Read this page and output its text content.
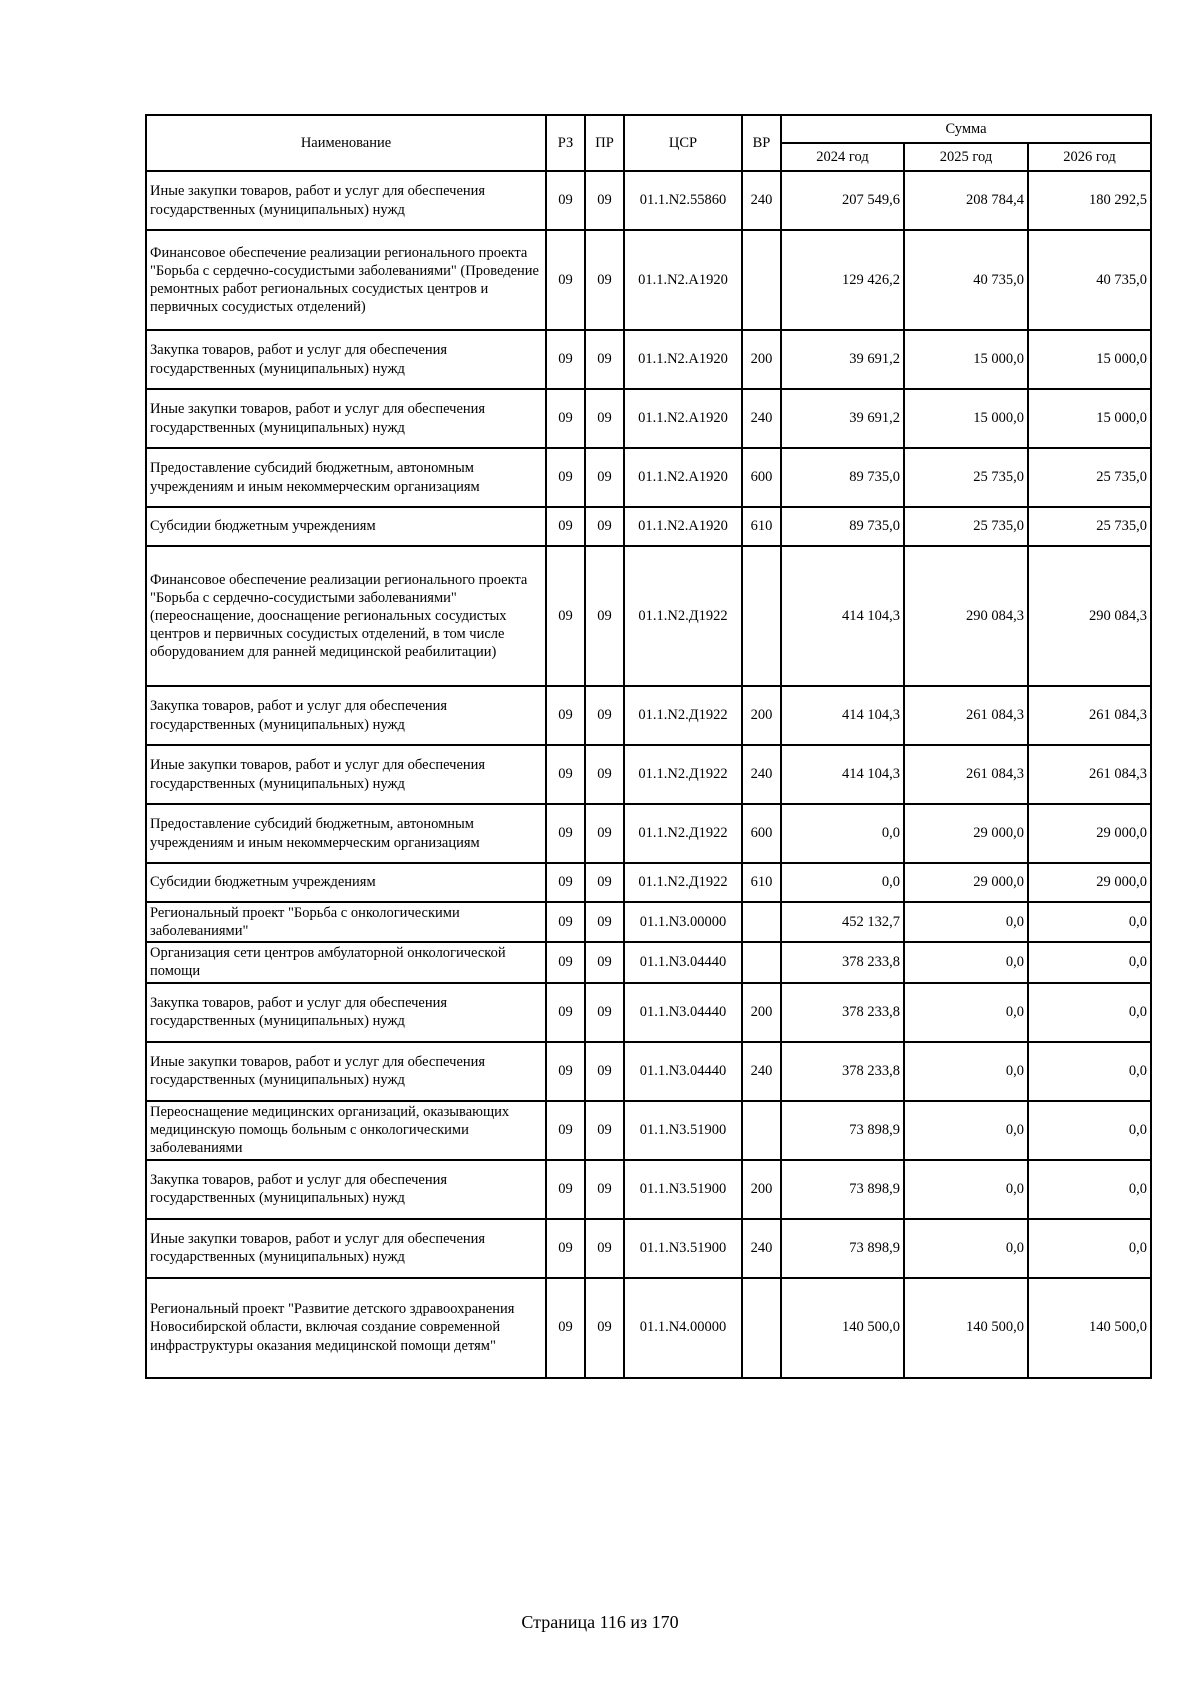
Наименование	РЗ	ПР	ЦСР	ВР	Сумма		
					2024 год	2025 год	2026 год
Иные закупки товаров, работ и услуг для обеспечения государственных (муниципальных) нужд	09	09	01.1.N2.55860	240	207 549,6	208 784,4	180 292,5
Финансовое обеспечение реализации регионального проекта "Борьба с сердечно-сосудистыми заболеваниями" (Проведение ремонтных работ региональных сосудистых центров и первичных сосудистых отделений)	09	09	01.1.N2.А1920		129 426,2	40 735,0	40 735,0
Закупка товаров, работ и услуг для обеспечения государственных (муниципальных) нужд	09	09	01.1.N2.А1920	200	39 691,2	15 000,0	15 000,0
Иные закупки товаров, работ и услуг для обеспечения государственных (муниципальных) нужд	09	09	01.1.N2.А1920	240	39 691,2	15 000,0	15 000,0
Предоставление субсидий бюджетным, автономным учреждениям и иным некоммерческим организациям	09	09	01.1.N2.А1920	600	89 735,0	25 735,0	25 735,0
Субсидии бюджетным учреждениям	09	09	01.1.N2.А1920	610	89 735,0	25 735,0	25 735,0
Финансовое обеспечение реализации регионального проекта "Борьба с сердечно-сосудистыми заболеваниями" (переоснащение, дооснащение региональных сосудистых центров и первичных сосудистых отделений, в том числе оборудованием для ранней медицинской реабилитации)	09	09	01.1.N2.Д1922		414 104,3	290 084,3	290 084,3
Закупка товаров, работ и услуг для обеспечения государственных (муниципальных) нужд	09	09	01.1.N2.Д1922	200	414 104,3	261 084,3	261 084,3
Иные закупки товаров, работ и услуг для обеспечения государственных (муниципальных) нужд	09	09	01.1.N2.Д1922	240	414 104,3	261 084,3	261 084,3
Предоставление субсидий бюджетным, автономным учреждениям и иным некоммерческим организациям	09	09	01.1.N2.Д1922	600	0,0	29 000,0	29 000,0
Субсидии бюджетным учреждениям	09	09	01.1.N2.Д1922	610	0,0	29 000,0	29 000,0
Региональный проект "Борьба с онкологическими заболеваниями"	09	09	01.1.N3.00000		452 132,7	0,0	0,0
Организация сети центров амбулаторной онкологической помощи	09	09	01.1.N3.04440		378 233,8	0,0	0,0
Закупка товаров, работ и услуг для обеспечения государственных (муниципальных) нужд	09	09	01.1.N3.04440	200	378 233,8	0,0	0,0
Иные закупки товаров, работ и услуг для обеспечения государственных (муниципальных) нужд	09	09	01.1.N3.04440	240	378 233,8	0,0	0,0
Переоснащение медицинских организаций, оказывающих медицинскую помощь больным с онкологическими заболеваниями	09	09	01.1.N3.51900		73 898,9	0,0	0,0
Закупка товаров, работ и услуг для обеспечения государственных (муниципальных) нужд	09	09	01.1.N3.51900	200	73 898,9	0,0	0,0
Иные закупки товаров, работ и услуг для обеспечения государственных (муниципальных) нужд	09	09	01.1.N3.51900	240	73 898,9	0,0	0,0
Региональный проект "Развитие детского здравоохранения Новосибирской области, включая создание современной инфраструктуры оказания медицинской помощи детям"	09	09	01.1.N4.00000		140 500,0	140 500,0	140 500,0
Страница 116 из 170
